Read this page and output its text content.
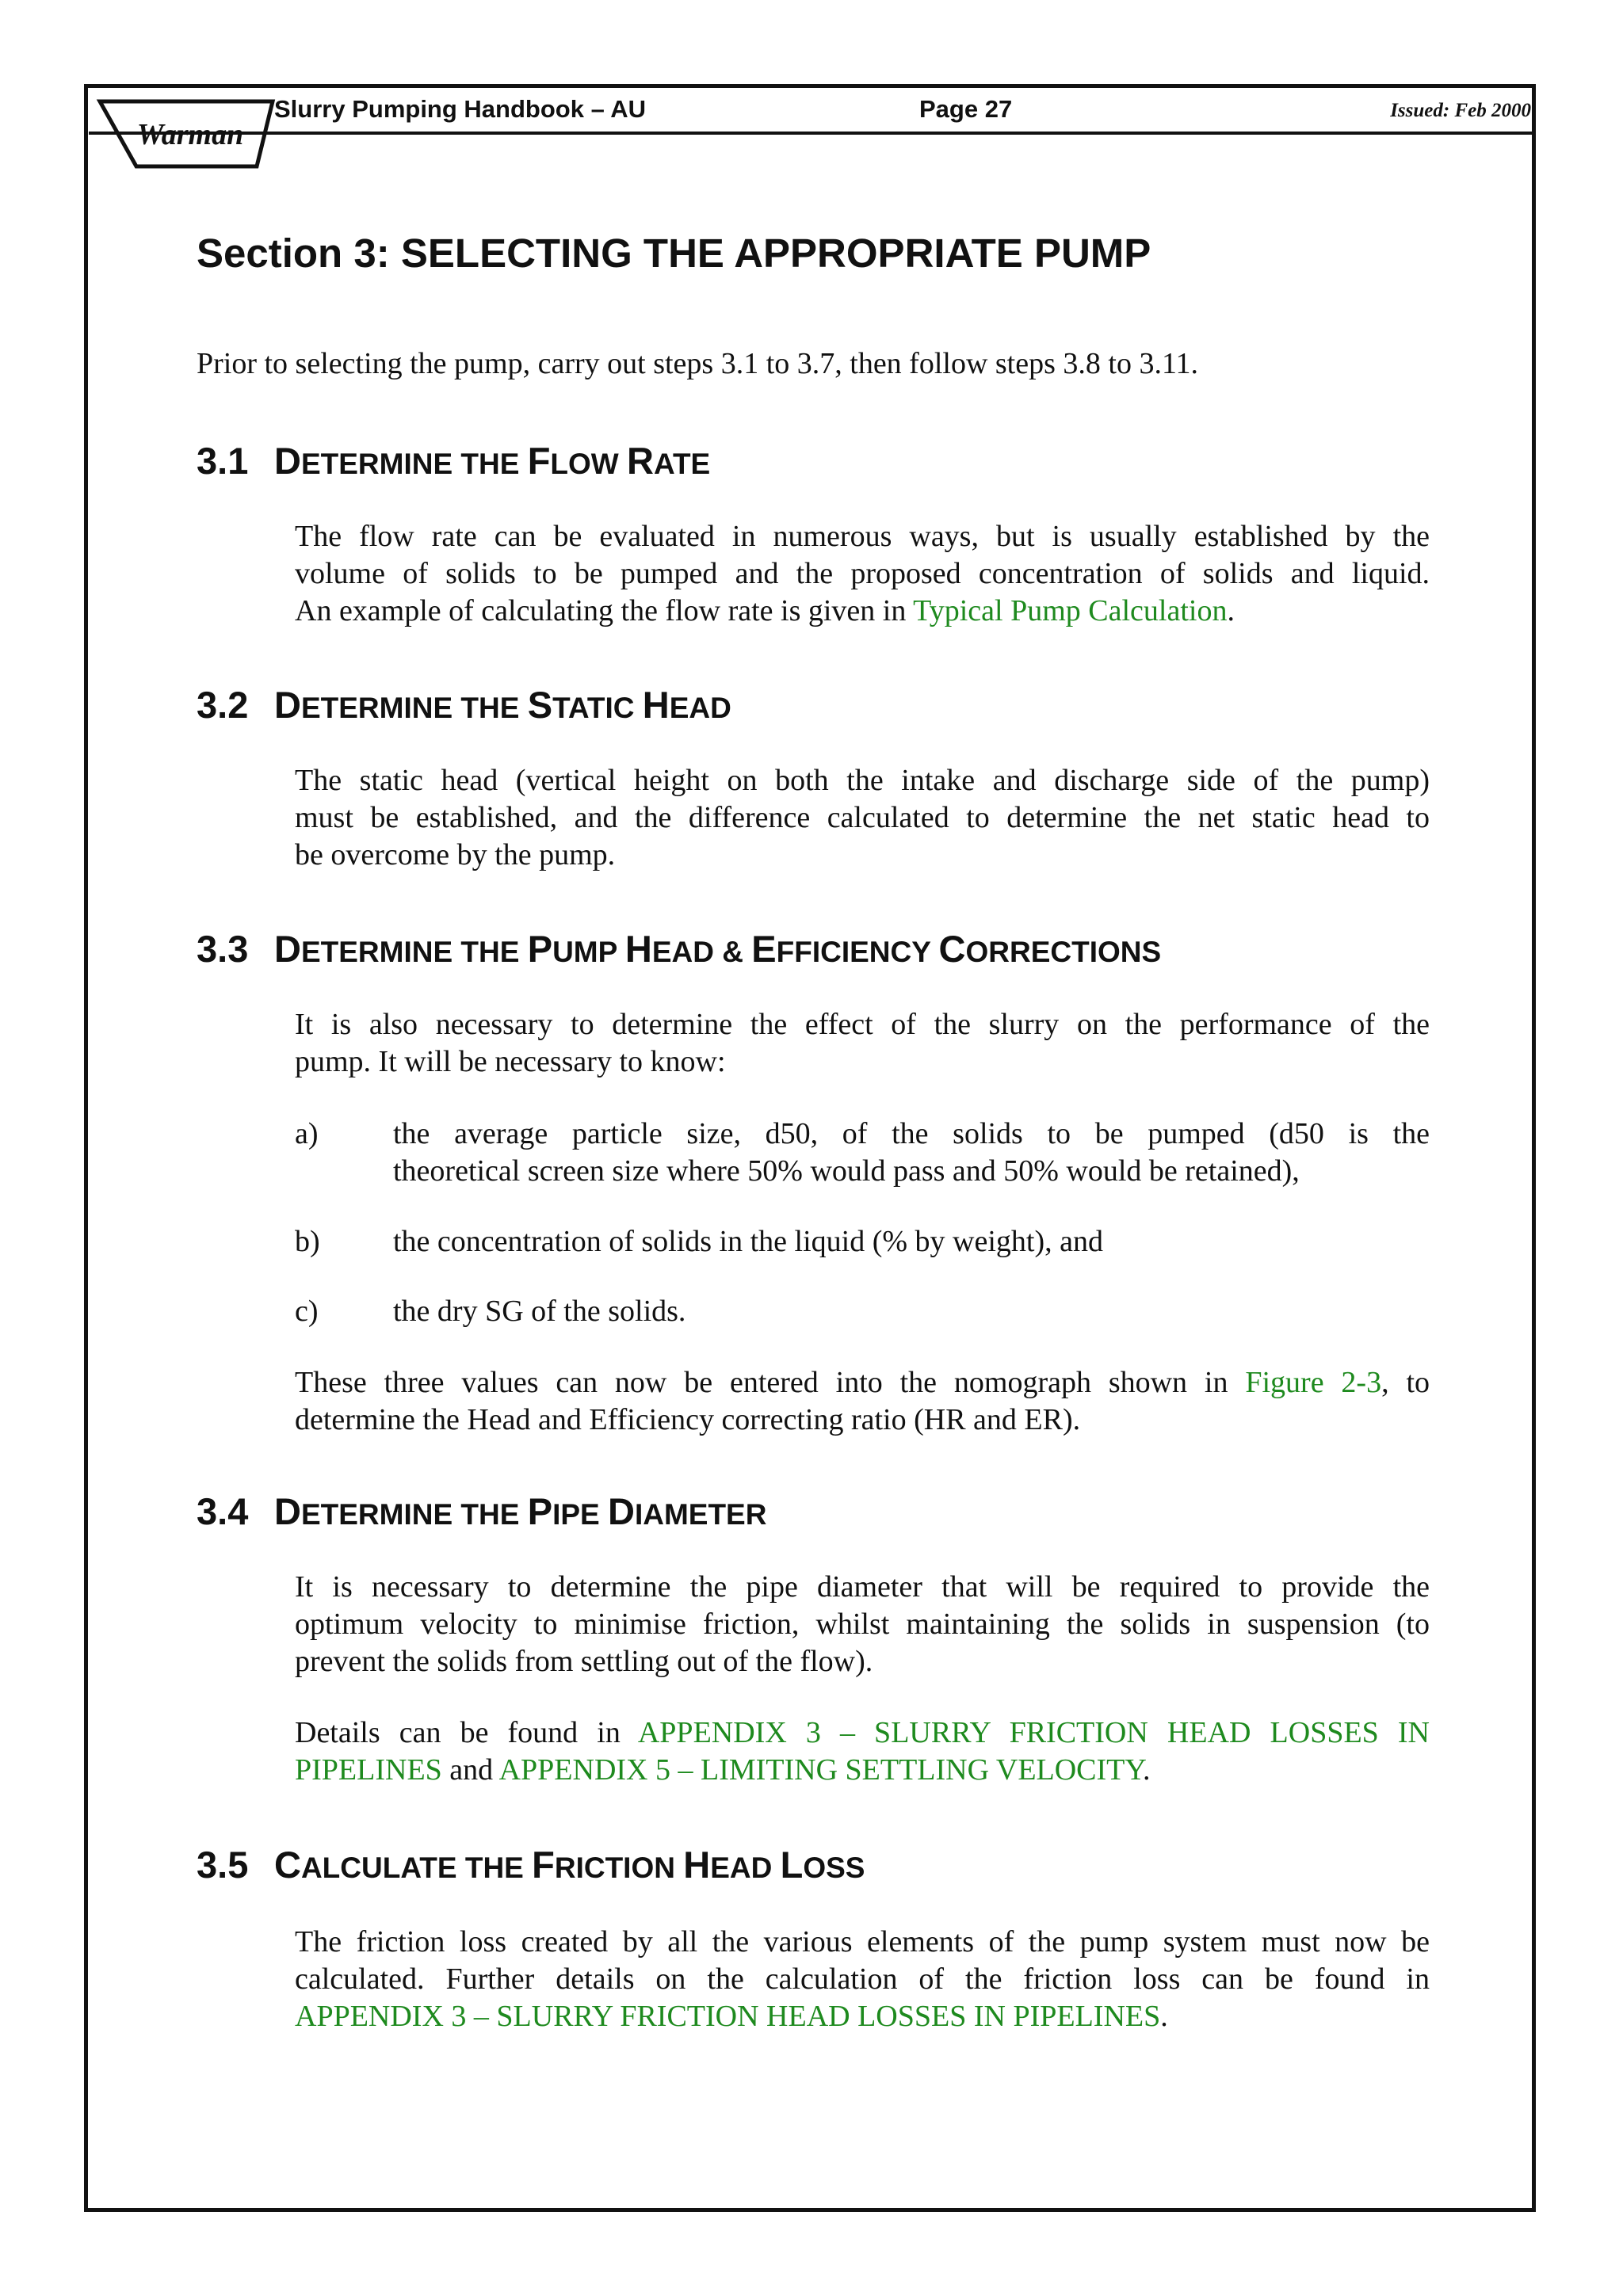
Warman
Slurry Pumping Handbook – AU	Page 27	Issued: Feb 2000
Section 3: SELECTING THE APPROPRIATE PUMP
Prior to selecting the pump, carry out steps 3.1 to 3.7, then follow steps 3.8 to 3.11.
3.1 DETERMINE THE FLOW RATE
The flow rate can be evaluated in numerous ways, but is usually established by the
volume of solids to be pumped and the proposed concentration of solids and liquid.
An example of calculating the flow rate is given in Typical Pump Calculation.
3.2 DETERMINE THE STATIC HEAD
The static head (vertical height on both the intake and discharge side of the pump)
must be established, and the difference calculated to determine the net static head to
be overcome by the pump.
3.3 DETERMINE THE PUMP HEAD & EFFICIENCY CORRECTIONS
It is also necessary to determine the effect of the slurry on the performance of the
pump. It will be necessary to know:
a) the average particle size, d50, of the solids to be pumped (d50 is the
theoretical screen size where 50% would pass and 50% would be retained),
b) the concentration of solids in the liquid (% by weight), and
c) the dry SG of the solids.
These three values can now be entered into the nomograph shown in Figure 2-3, to
determine the Head and Efficiency correcting ratio (HR and ER).
3.4 DETERMINE THE PIPE DIAMETER
It is necessary to determine the pipe diameter that will be required to provide the
optimum velocity to minimise friction, whilst maintaining the solids in suspension (to
prevent the solids from settling out of the flow).
Details can be found in APPENDIX 3 – SLURRY FRICTION HEAD LOSSES IN
PIPELINES and APPENDIX 5 – LIMITING SETTLING VELOCITY.
3.5 CALCULATE THE FRICTION HEAD LOSS
The friction loss created by all the various elements of the pump system must now be
calculated. Further details on the calculation of the friction loss can be found in
APPENDIX 3 – SLURRY FRICTION HEAD LOSSES IN PIPELINES.
